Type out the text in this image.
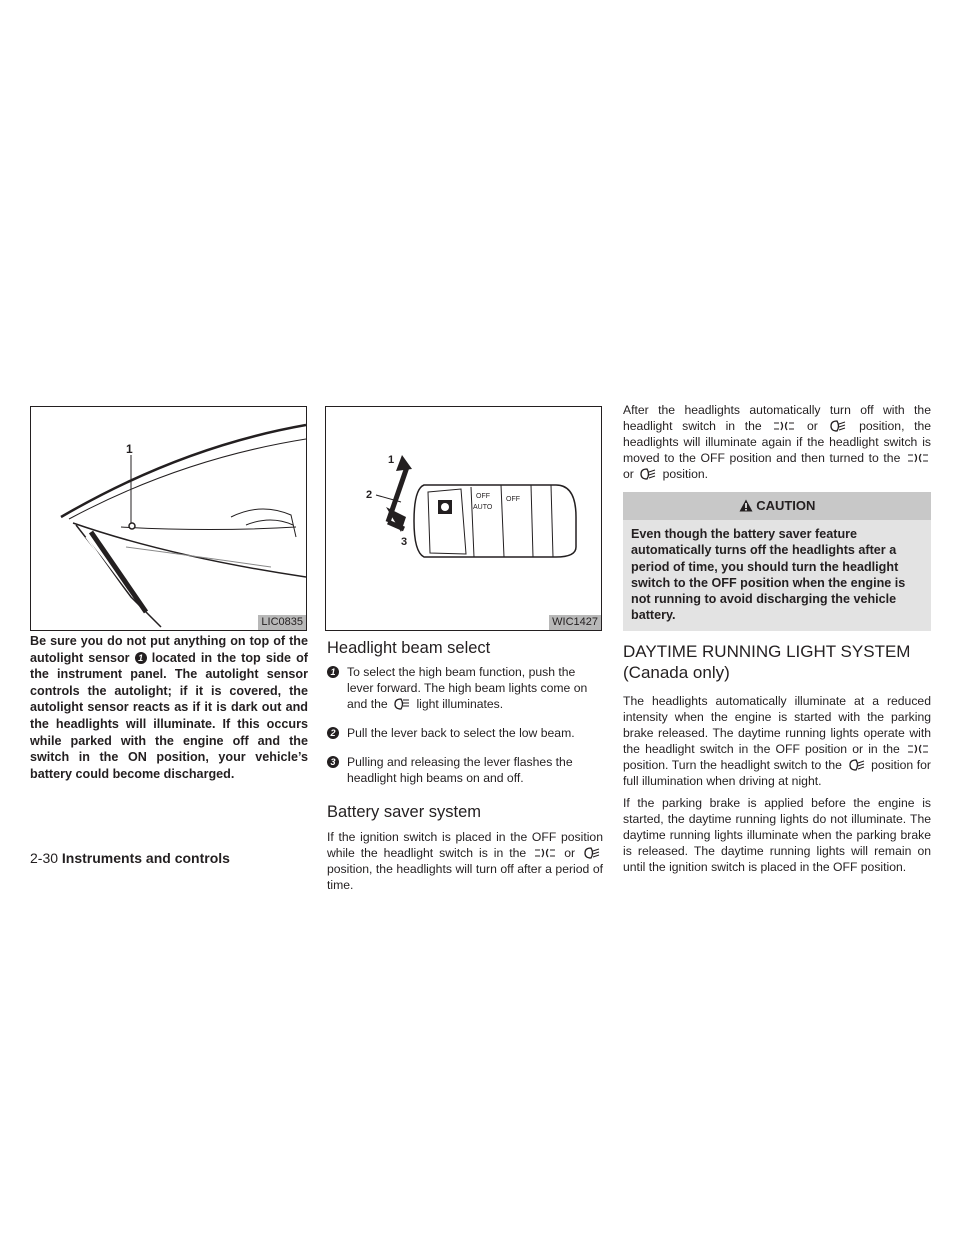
1
LIC0835

Be sure you do not put anything on top of the autolight sensor 1 located in the top side of the instrument panel. The autolight sensor controls the autolight; if it is covered, the autolight sensor reacts as if it is dark out and the headlights will illuminate. If this occurs while parked with the engine off and the switch in the ON position, your vehicle’s battery could become discharged.

OFF
AUTO
OFF
1
2
3
WIC1427
Headlight beam select
1 To select the high beam function, push the lever forward. The high beam lights come on and the light illuminates.

2 Pull the lever back to select the low beam.

3 Pulling and releasing the lever flashes the headlight high beams on and off.

Battery saver system

If the ignition switch is placed in the OFF position while the headlight switch is in the	or  position, the headlights will turn off after a period of time.

After the headlights automatically turn off with the headlight switch in the	or	position, the headlights will illuminate again if the headlight switch is moved to the OFF position and then turned to the  or position.

CAUTION
Even though the battery saver feature automatically turns off the headlights after a period of time, you should turn the headlight switch to the OFF position when the engine is not running to avoid discharging the vehicle battery.
DAYTIME RUNNING LIGHT SYSTEM (Canada only)

The headlights automatically illuminate at a reduced intensity when the engine is started with the parking brake released. The daytime running lights operate with the headlight switch in the OFF position or in the  position. Turn the headlight switch to the position for full illumination when driving at night.

If the parking brake is applied before the engine is started, the daytime running lights do not illuminate. The daytime running lights illuminate when the parking brake is released. The daytime running lights will remain on until the ignition switch is placed in the OFF position.

2-30 Instruments and controls
